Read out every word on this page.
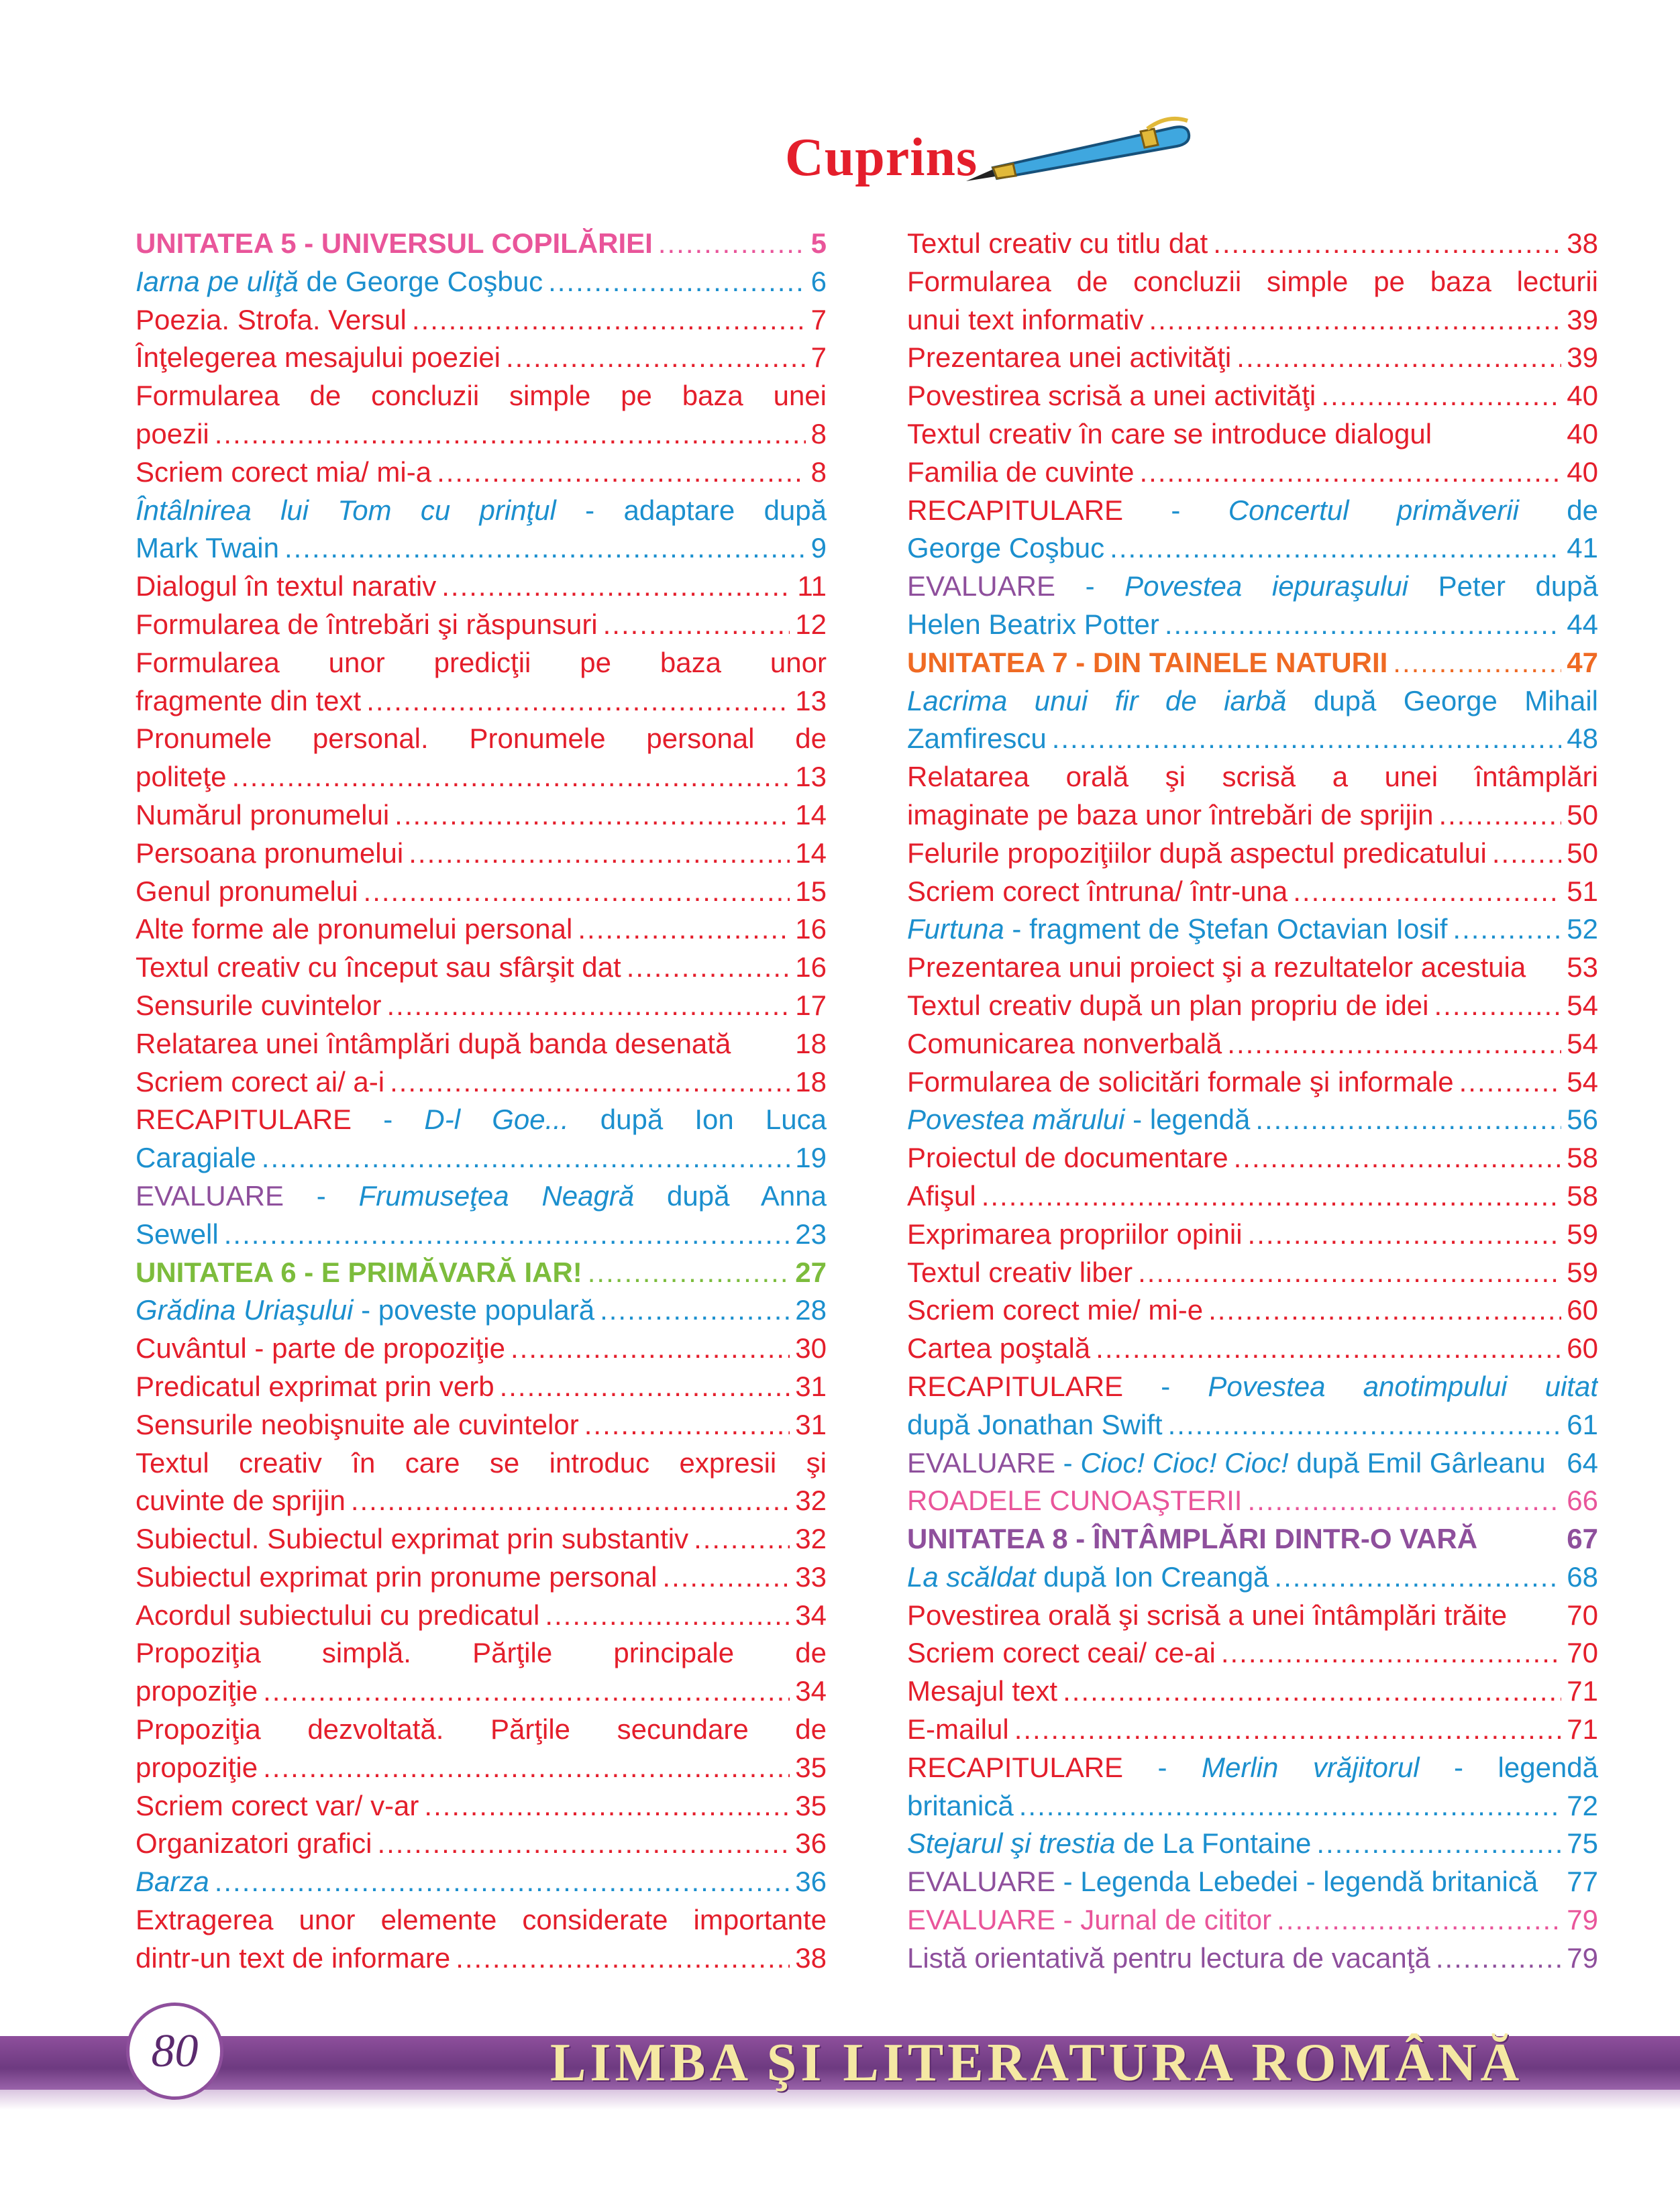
Cuprins
UNITATEA 5 - UNIVERSUL COPILĂRIEI .....	5
Iarna pe uliţă de George Coşbuc .....	6
Poezia. Strofa. Versul .....	7
Înţelegerea mesajului poeziei .....	7
Formularea de concluzii simple pe baza unei
poezii .....	8
Scriem corect mia/ mi-a .....	8
Întâlnirea lui Tom cu prinţul - adaptare după
Mark Twain .....	9
Dialogul în textul narativ .....	11
Formularea de întrebări şi răspunsuri .....	12
Formularea unor predicţii pe baza unor
fragmente din text .....	13
Pronumele personal. Pronumele personal de
politeţe .....	13
Numărul pronumelui .....	14
Persoana pronumelui .....	14
Genul pronumelui .....	15
Alte forme ale pronumelui personal .....	16
Textul creativ cu început sau sfârşit dat .....	16
Sensurile cuvintelor .....	17
Relatarea unei întâmplări după banda desenată 18
Scriem corect ai/ a-i .....	18
RECAPITULARE - D-l Goe... după Ion Luca
Caragiale .....	19
EVALUARE - Frumuseţea Neagră după Anna
Sewell .....	23
UNITATEA 6 - E PRIMĂVARĂ IAR! .....	27
Grădina Uriaşului - poveste populară .....	28
Cuvântul - parte de propoziţie .....	30
Predicatul exprimat prin verb .....	31
Sensurile neobişnuite ale cuvintelor .....	31
Textul creativ în care se introduc expresii şi
cuvinte de sprijin .....	32
Subiectul. Subiectul exprimat prin substantiv .....	32
Subiectul exprimat prin pronume personal .....	33
Acordul subiectului cu predicatul .....	34
Propoziţia simplă. Părţile principale de
propoziţie .....	34
Propoziţia dezvoltată. Părţile secundare de
propoziţie .....	35
Scriem corect var/ v-ar .....	35
Organizatori grafici .....	36
Barza .....	36
Extragerea unor elemente considerate importante
dintr-un text de informare .....	38
Textul creativ cu titlu dat .....	38
Formularea de concluzii simple pe baza lecturii
unui text informativ .....	39
Prezentarea unei activităţi .....	39
Povestirea scrisă a unei activităţi .....	40
Textul creativ în care se introduce dialogul	40
Familia de cuvinte .....	40
RECAPITULARE - Concertul primăverii de
George Coşbuc .....	41
EVALUARE - Povestea iepuraşului Peter după
Helen Beatrix Potter .....	44
UNITATEA 7 - DIN TAINELE NATURII .....	47
Lacrima unui fir de iarbă după George Mihail
Zamfirescu .....	48
Relatarea orală şi scrisă a unei întâmplări
imaginate pe baza unor întrebări de sprijin .....	50
Felurile propoziţiilor după aspectul predicatului .....	50
Scriem corect întruna/ într-una .....	51
Furtuna - fragment de Ştefan Octavian Iosif .....	52
Prezentarea unui proiect şi a rezultatelor acestuia 53
Textul creativ după un plan propriu de idei .....	54
Comunicarea nonverbală .....	54
Formularea de solicitări formale şi informale .....	54
Povestea mărului - legendă .....	56
Proiectul de documentare .....	58
Afişul .....	58
Exprimarea propriilor opinii .....	59
Textul creativ liber .....	59
Scriem corect mie/ mi-e .....	60
Cartea poştală .....	60
RECAPITULARE - Povestea anotimpului uitat
după Jonathan Swift .....	61
EVALUARE - Cioc! Cioc! Cioc! după Emil Gârleanu 64
ROADELE CUNOAŞTERII .....	66
UNITATEA 8 - ÎNTÂMPLĂRI DINTR-O VARĂ	67
La scăldat după Ion Creangă .....	68
Povestirea orală şi scrisă a unei întâmplări trăite 70
Scriem corect ceai/ ce-ai .....	70
Mesajul text .....	71
E-mailul .....	71
RECAPITULARE - Merlin vrăjitorul - legendă
britanică .....	72
Stejarul şi trestia de La Fontaine .....	75
EVALUARE - Legenda Lebedei - legendă britanică 77
EVALUARE - Jurnal de cititor .....	79
Listă orientativă pentru lectura de vacanţă .....	79
80	LIMBA ŞI LITERATURA ROMÂNĂ
